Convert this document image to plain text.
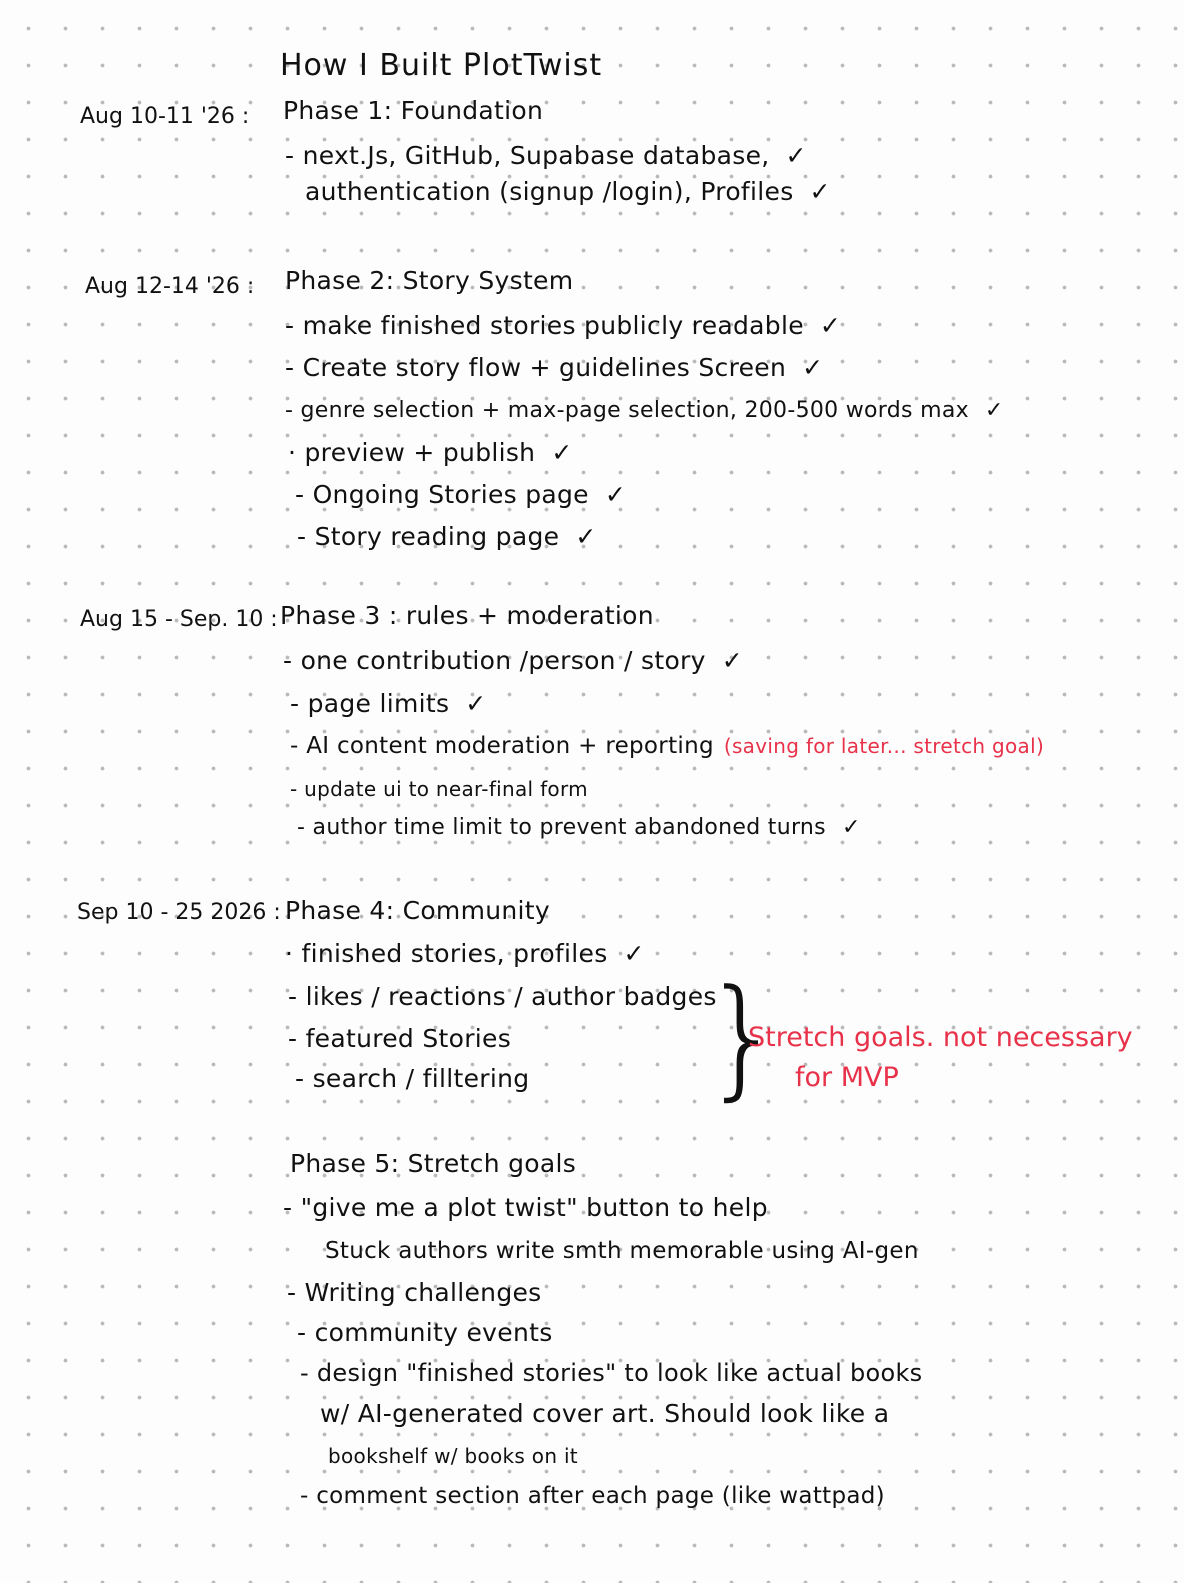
How I Built PlotTwist
Aug 10-11 '26 : Phase 1: Foundation
- next.Js, GitHub, Supabase database, ✓
authentication (signup /login), Profiles ✓
Aug 12-14 '26 : Phase 2: Story System
- make finished stories publicly readable ✓
- Create story flow + guidelines Screen ✓
- genre selection + max-page selection, 200-500 words max ✓
· preview + publish ✓
- Ongoing Stories page ✓
- Story reading page ✓
Aug 15 - Sep. 10 : Phase 3 : rules + moderation
- one contribution /person / story ✓
- page limits ✓
- AI content moderation + reporting (saving for later... stretch goal)
- update ui to near-final form
- author time limit to prevent abandoned turns ✓
Sep 10 - 25 2026 : Phase 4: Community
· finished stories, profiles ✓
- likes / reactions / author badges
- featured Stories
- search / filltering }
Stretch goals. not necessary
for MVP
Phase 5: Stretch goals
- "give me a plot twist" button to help
Stuck authors write smth memorable using AI-gen
- Writing challenges
- community events
- design "finished stories" to look like actual books
w/ AI-generated cover art. Should look like a
bookshelf w/ books on it
- comment section after each page (like wattpad)
